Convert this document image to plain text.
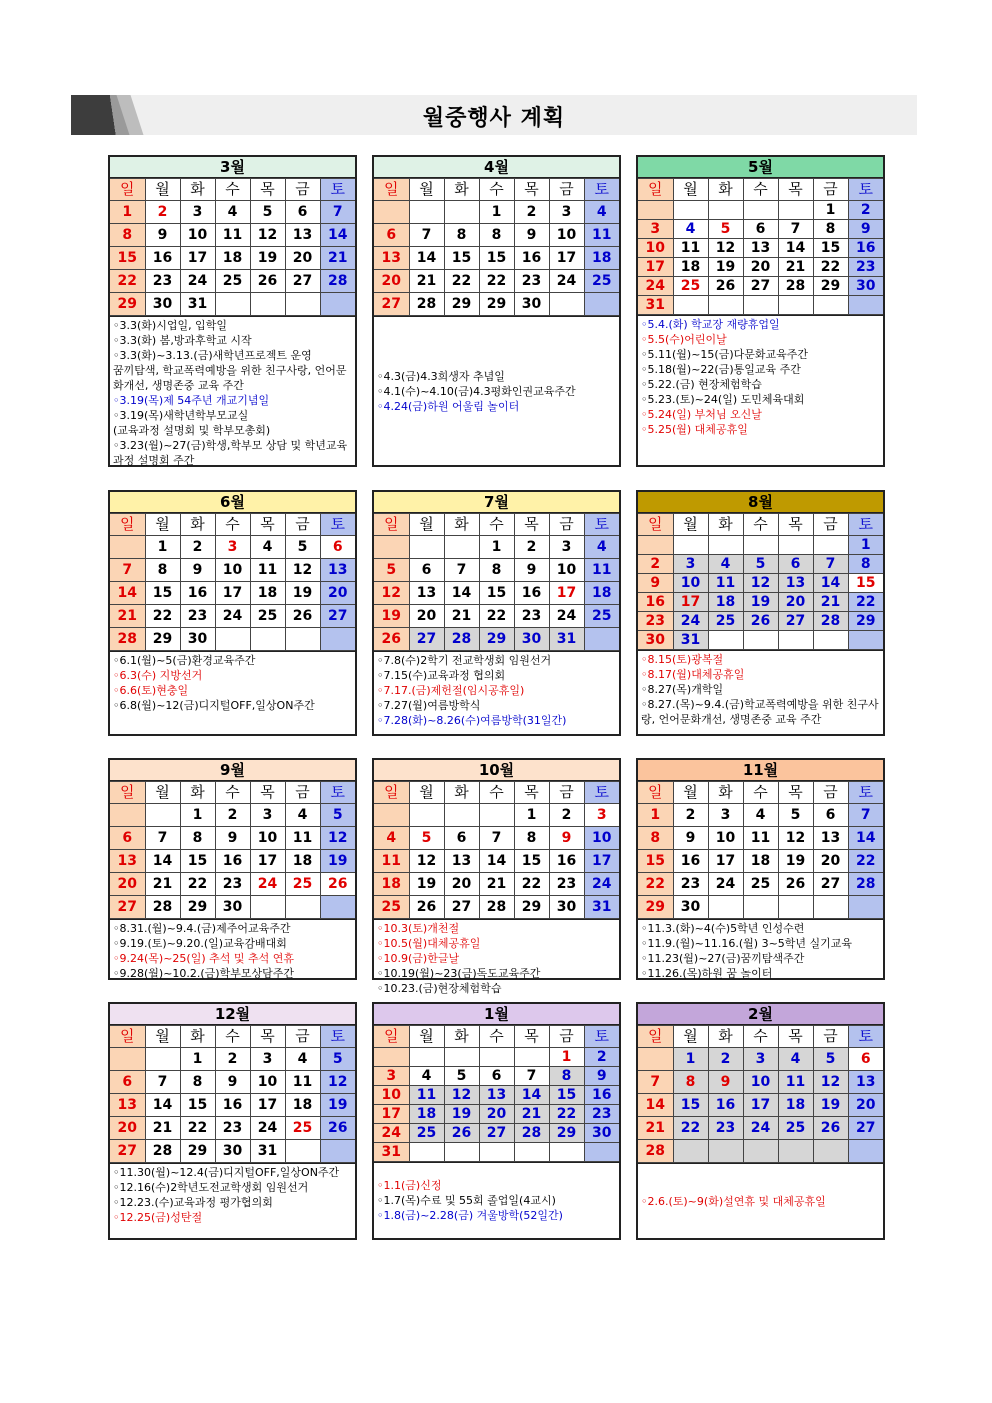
월중행사 계획
3월
일	월	화	수	목	금	토
1	2	3	4	5	6	7
8	9	10	11	12	13	14
15	16	17	18	19	20	21
22	23	24	25	26	27	28
29	30	31				
◦3.3(화)시업일, 입학일
◦3.3(화) 봄,방과후학교 시작
◦3.3(화)~3.13.(금)새학년프로젝트 운영
꿈끼탐색, 학교폭력예방을 위한 친구사랑, 언어문화개선, 생명존중 교육 주간
◦3.19(목)제 54주년 개교기념일
◦3.19(목)새학년학부모교실
(교육과정 설명회 및 학부모총회)
◦3.23(월)~27(금)학생,학부모 상담 및 학년교육과정 설명회 주간
4월
일	월	화	수	목	금	토
			1	2	3	4
6	7	8	8	9	10	11
13	14	15	15	16	17	18
20	21	22	22	23	24	25
27	28	29	29	30		
◦4.3(금)4.3희생자 추념일
◦4.1(수)~4.10(금)4.3평화인권교육주간
◦4.24(금)하원 어울림 놀이터
5월
일	월	화	수	목	금	토
					1	2
3	4	5	6	7	8	9
10	11	12	13	14	15	16
17	18	19	20	21	22	23
24	25	26	27	28	29	30
31						
◦5.4.(화) 학교장 재량휴업일
◦5.5(수)어린이날
◦5.11(월)~15(금)다문화교육주간
◦5.18(월)~22(금)통일교육 주간
◦5.22.(금) 현장체험학습
◦5.23.(토)~24(일) 도민체육대회
◦5.24(일) 부처님 오신날
◦5.25(월) 대체공휴일
6월
일	월	화	수	목	금	토
	1	2	3	4	5	6
7	8	9	10	11	12	13
14	15	16	17	18	19	20
21	22	23	24	25	26	27
28	29	30				
◦6.1(월)~5(금)환경교육주간
◦6.3(수) 지방선거
◦6.6(토)현충일
◦6.8(월)~12(금)디지털OFF,일상ON주간
7월
일	월	화	수	목	금	토
			1	2	3	4
5	6	7	8	9	10	11
12	13	14	15	16	17	18
19	20	21	22	23	24	25
26	27	28	29	30	31	
◦7.8(수)2학기 전교학생회 임원선거
◦7.15(수)교육과정 협의회
◦7.17.(금)제헌절(임시공휴일)
◦7.27(월)여름방학식
◦7.28(화)~8.26(수)여름방학(31일간)
8월
일	월	화	수	목	금	토
						1
2	3	4	5	6	7	8
9	10	11	12	13	14	15
16	17	18	19	20	21	22
23	24	25	26	27	28	29
30	31					
◦8.15(토)광복절
◦8.17(월)대체공휴일
◦8.27(목)개학일
◦8.27.(목)~9.4.(금)학교폭력예방을 위한 친구사랑, 언어문화개선, 생명존중 교육 주간
9월
일	월	화	수	목	금	토
		1	2	3	4	5
6	7	8	9	10	11	12
13	14	15	16	17	18	19
20	21	22	23	24	25	26
27	28	29	30			
◦8.31.(월)~9.4.(금)제주어교육주간
◦9.19.(토)~9.20.(일)교육감배대회
◦9.24(목)~25(일) 추석 및 추석 연휴
◦9.28(월)~10.2.(금)학부모상담주간
10월
일	월	화	수	목	금	토
				1	2	3
4	5	6	7	8	9	10
11	12	13	14	15	16	17
18	19	20	21	22	23	24
25	26	27	28	29	30	31
◦10.3(토)개천절
◦10.5(월)대체공휴일
◦10.9(금)한글날
◦10.19(월)~23(금)독도교육주간
◦10.23.(금)현장체험학습
11월
일	월	화	수	목	금	토
1	2	3	4	5	6	7
8	9	10	11	12	13	14
15	16	17	18	19	20	22
22	23	24	25	26	27	28
29	30					
◦11.3.(화)~4(수)5학년 인성수련
◦11.9.(월)~11.16.(월) 3~5학년 실기교육
◦11.23(월)~27(금)꿈끼탐색주간
◦11.26.(목)하원 꿈 놀이터
12월
일	월	화	수	목	금	토
		1	2	3	4	5
6	7	8	9	10	11	12
13	14	15	16	17	18	19
20	21	22	23	24	25	26
27	28	29	30	31		
◦11.30(월)~12.4(금)디지털OFF,일상ON주간
◦12.16(수)2학년도전교학생회 임원선거
◦12.23.(수)교육과정 평가협의회
◦12.25(금)성탄절
1월
일	월	화	수	목	금	토
					1	2
3	4	5	6	7	8	9
10	11	12	13	14	15	16
17	18	19	20	21	22	23
24	25	26	27	28	29	30
31						
◦1.1(금)신정
◦1.7(목)수료 및 55회 졸업일(4교시)
◦1.8(금)~2.28(금) 겨울방학(52일간)
2월
일	월	화	수	목	금	토
	1	2	3	4	5	6
7	8	9	10	11	12	13
14	15	16	17	18	19	20
21	22	23	24	25	26	27
28						
◦2.6.(토)~9(화)설연휴 및 대체공휴일
